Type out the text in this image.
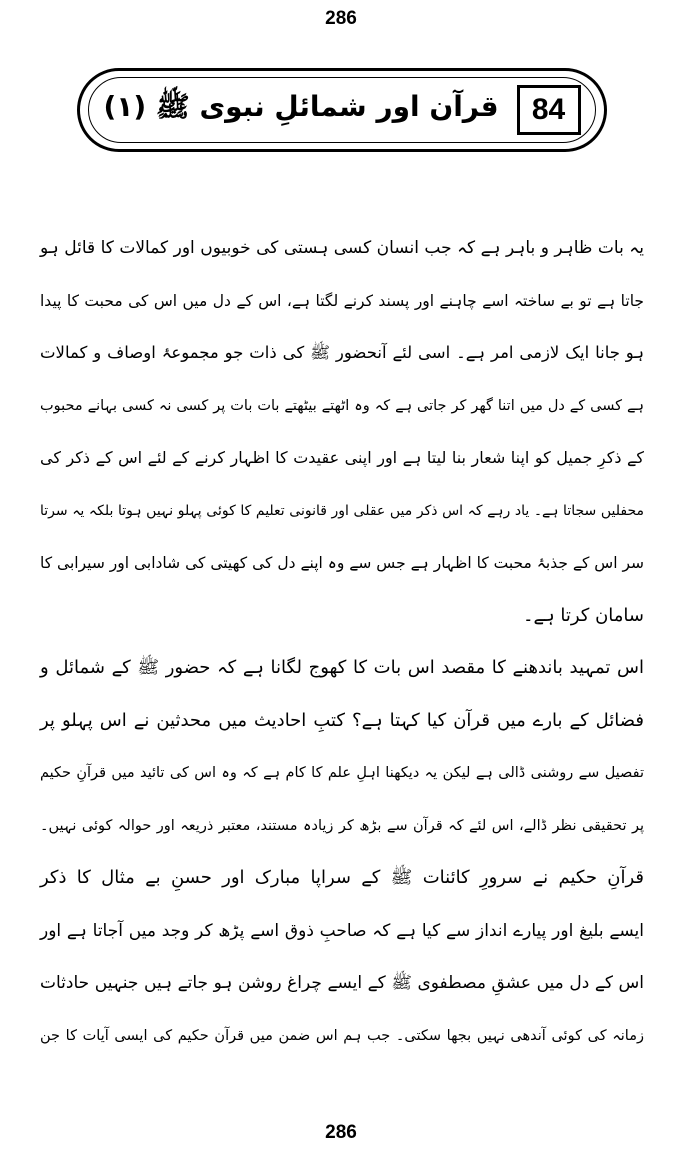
286
84
قرآن اور شمائلِ نبوی ﷺ (۱)
یہ بات ظاہر و باہر ہے کہ جب انسان کسی ہستی کی خوبیوں اور کمالات کا قائل ہو
جاتا ہے تو بے ساختہ اسے چاہنے اور پسند کرنے لگتا ہے، اس کے دل میں اس کی محبت کا پیدا
ہو جانا ایک لازمی امر ہے۔ اسی لئے آنحضور ﷺ کی ذات جو مجموعۂ اوصاف و کمالات
ہے کسی کے دل میں اتنا گھر کر جاتی ہے کہ وہ اٹھتے بیٹھتے بات بات پر کسی نہ کسی بہانے محبوب
کے ذکرِ جمیل کو اپنا شعار بنا لیتا ہے اور اپنی عقیدت کا اظہار کرنے کے لئے اس کے ذکر کی
محفلیں سجاتا ہے۔ یاد رہے کہ اس ذکر میں عقلی اور قانونی تعلیم کا کوئی پہلو نہیں ہوتا بلکہ یہ سرتا
سر اس کے جذبۂ محبت کا اظہار ہے جس سے وہ اپنے دل کی کھیتی کی شادابی اور سیرابی کا
سامان کرتا ہے۔
اس تمہید باندھنے کا مقصد اس بات کا کھوج لگانا ہے کہ حضور ﷺ کے شمائل و
فضائل کے بارے میں قرآن کیا کہتا ہے؟ کتبِ احادیث میں محدثین نے اس پہلو پر
تفصیل سے روشنی ڈالی ہے لیکن یہ دیکھنا اہلِ علم کا کام ہے کہ وہ اس کی تائید میں قرآنِ حکیم
پر تحقیقی نظر ڈالے، اس لئے کہ قرآن سے بڑھ کر زیادہ مستند، معتبر ذریعہ اور حوالہ کوئی نہیں۔
قرآنِ حکیم نے سرورِ کائنات ﷺ کے سراپا مبارک اور حسنِ بے مثال کا ذکر
ایسے بلیغ اور پیارے انداز سے کیا ہے کہ صاحبِ ذوق اسے پڑھ کر وجد میں آجاتا ہے اور
اس کے دل میں عشقِ مصطفوی ﷺ کے ایسے چراغ روشن ہو جاتے ہیں جنہیں حادثات
زمانہ کی کوئی آندھی نہیں بجھا سکتی۔ جب ہم اس ضمن میں قرآن حکیم کی ایسی آیات کا جن
286
